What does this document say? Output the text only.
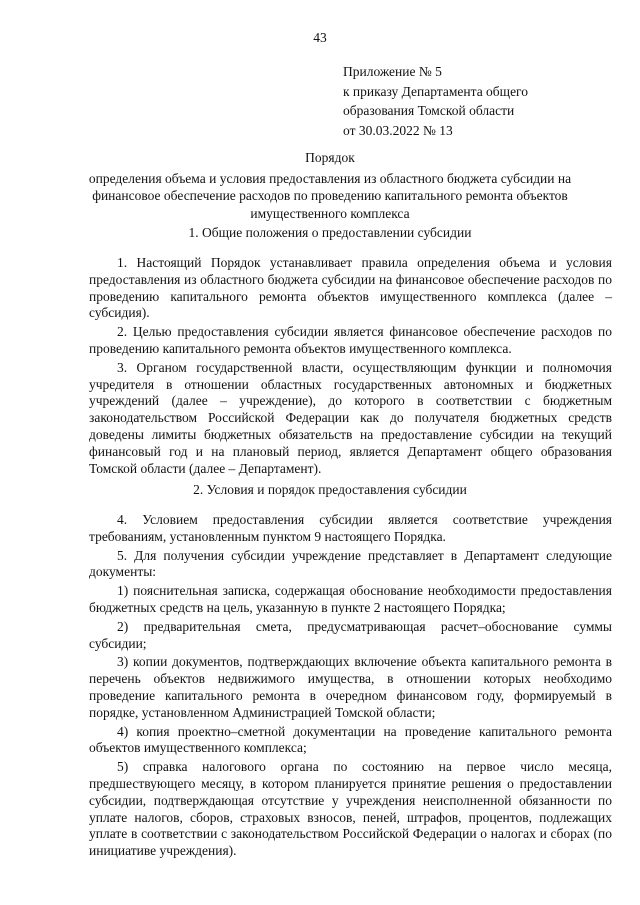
43
Приложение № 5
к приказу Департамента общего
образования Томской области
от 30.03.2022 № 13
Порядок
определения объема и условия предоставления из областного бюджета субсидии на
финансовое обеспечение расходов по проведению капитального ремонта объектов
имущественного комплекса
1. Общие положения о предоставлении субсидии

1. Настоящий Порядок устанавливает правила определения объема и условия предоставления из областного бюджета субсидии на финансовое обеспечение расходов по проведению капитального ремонта объектов имущественного комплекса (далее – субсидия).

2. Целью предоставления субсидии является финансовое обеспечение расходов по проведению капитального ремонта объектов имущественного комплекса.

3. Органом государственной власти, осуществляющим функции и полномочия учредителя в отношении областных государственных автономных и бюджетных учреждений (далее – учреждение), до которого в соответствии с бюджетным законодательством Российской Федерации как до получателя бюджетных средств доведены лимиты бюджетных обязательств на предоставление субсидии на текущий финансовый год и на плановый период, является Департамент общего образования Томской области (далее – Департамент).

2. Условия и порядок предоставления субсидии

4. Условием предоставления субсидии является соответствие учреждения требованиям, установленным пунктом 9 настоящего Порядка.

5. Для получения субсидии учреждение представляет в Департамент следующие документы:

1) пояснительная записка, содержащая обоснование необходимости предоставления бюджетных средств на цель, указанную в пункте 2 настоящего Порядка;

2) предварительная смета, предусматривающая расчет–обоснование суммы субсидии;

3) копии документов, подтверждающих включение объекта капитального ремонта в перечень объектов недвижимого имущества, в отношении которых необходимо проведение капитального ремонта в очередном финансовом году, формируемый в порядке, установленном Администрацией Томской области;

4) копия проектно–сметной документации на проведение капитального ремонта объектов имущественного комплекса;

5) справка налогового органа по состоянию на первое число месяца, предшествующего месяцу, в котором планируется принятие решения о предоставлении субсидии, подтверждающая отсутствие у учреждения неисполненной обязанности по уплате налогов, сборов, страховых взносов, пеней, штрафов, процентов, подлежащих уплате в соответствии с законодательством Российской Федерации о налогах и сборах (по инициативе учреждения).
